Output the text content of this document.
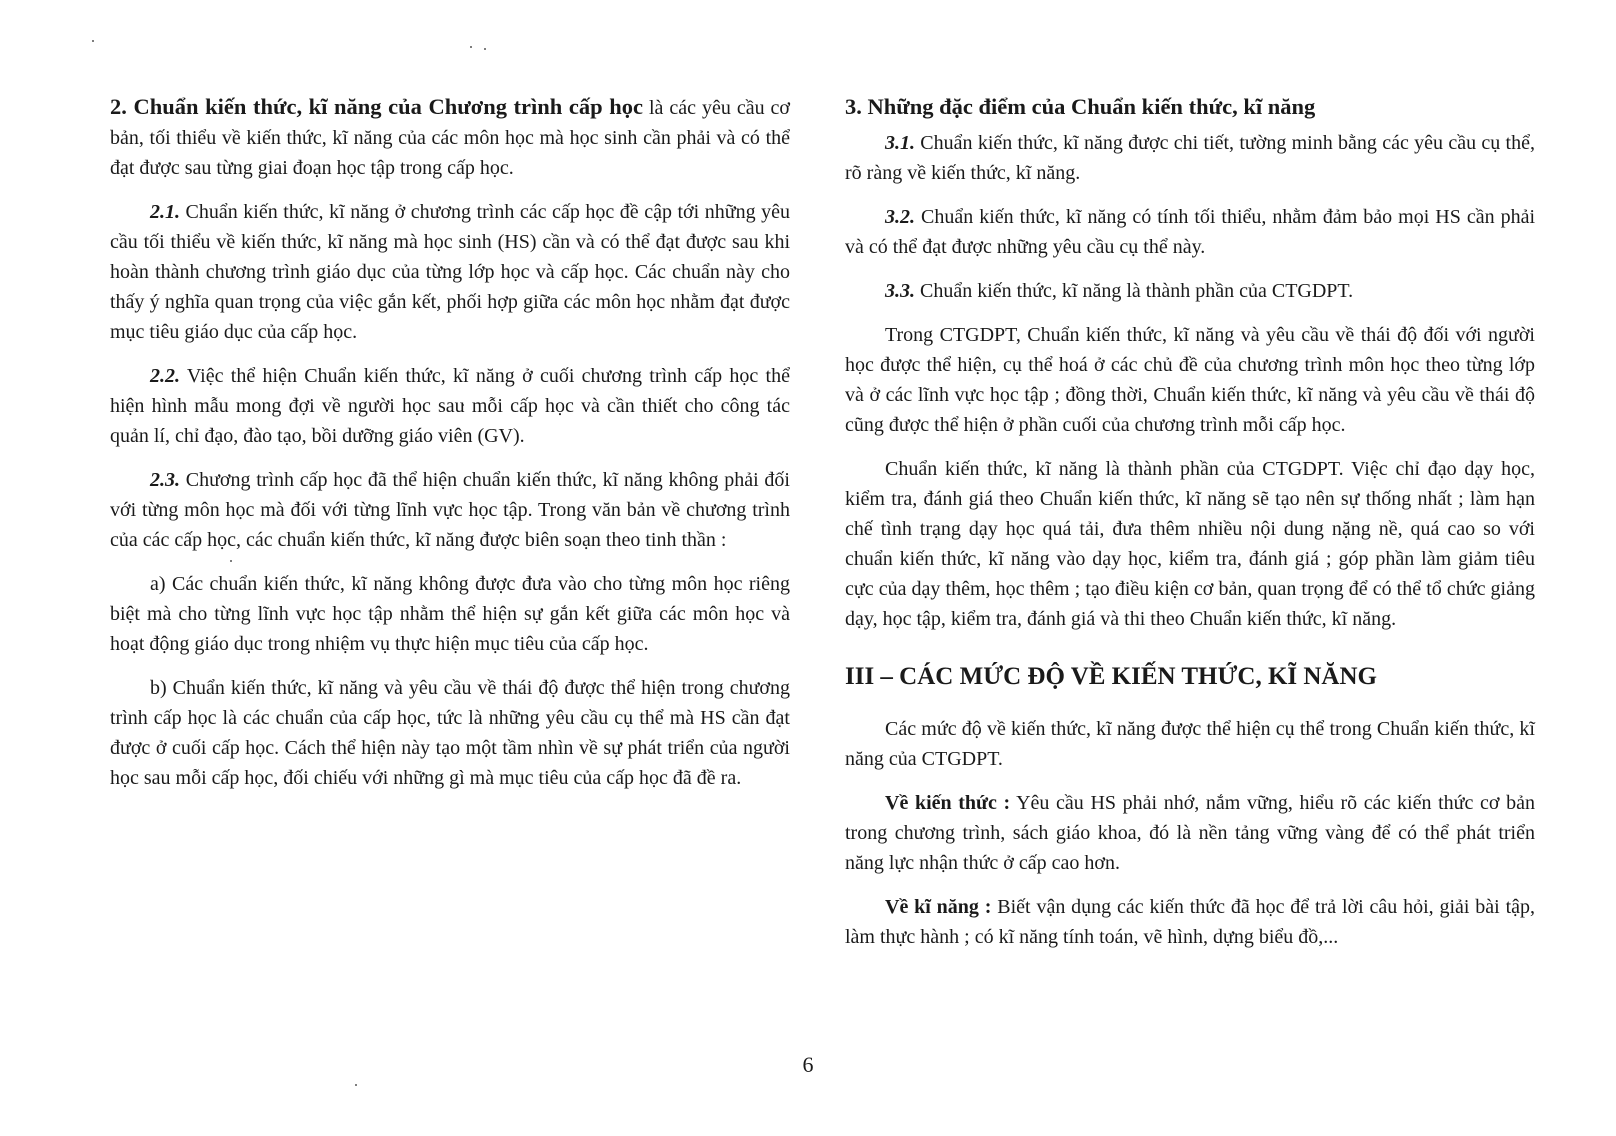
2. Chuẩn kiến thức, kĩ năng của Chương trình cấp học là các yêu cầu cơ bản, tối thiểu về kiến thức, kĩ năng của các môn học mà học sinh cần phải và có thể đạt được sau từng giai đoạn học tập trong cấp học.

2.1. Chuẩn kiến thức, kĩ năng ở chương trình các cấp học đề cập tới những yêu cầu tối thiểu về kiến thức, kĩ năng mà học sinh (HS) cần và có thể đạt được sau khi hoàn thành chương trình giáo dục của từng lớp học và cấp học. Các chuẩn này cho thấy ý nghĩa quan trọng của việc gắn kết, phối hợp giữa các môn học nhằm đạt được mục tiêu giáo dục của cấp học.

2.2. Việc thể hiện Chuẩn kiến thức, kĩ năng ở cuối chương trình cấp học thể hiện hình mẫu mong đợi về người học sau mỗi cấp học và cần thiết cho công tác quản lí, chỉ đạo, đào tạo, bồi dưỡng giáo viên (GV).

2.3. Chương trình cấp học đã thể hiện chuẩn kiến thức, kĩ năng không phải đối với từng môn học mà đối với từng lĩnh vực học tập. Trong văn bản về chương trình của các cấp học, các chuẩn kiến thức, kĩ năng được biên soạn theo tinh thần :

a) Các chuẩn kiến thức, kĩ năng không được đưa vào cho từng môn học riêng biệt mà cho từng lĩnh vực học tập nhằm thể hiện sự gắn kết giữa các môn học và hoạt động giáo dục trong nhiệm vụ thực hiện mục tiêu của cấp học.

b) Chuẩn kiến thức, kĩ năng và yêu cầu về thái độ được thể hiện trong chương trình cấp học là các chuẩn của cấp học, tức là những yêu cầu cụ thể mà HS cần đạt được ở cuối cấp học. Cách thể hiện này tạo một tầm nhìn về sự phát triển của người học sau mỗi cấp học, đối chiếu với những gì mà mục tiêu của cấp học đã đề ra.

3. Những đặc điểm của Chuẩn kiến thức, kĩ năng

3.1. Chuẩn kiến thức, kĩ năng được chi tiết, tường minh bằng các yêu cầu cụ thể, rõ ràng về kiến thức, kĩ năng.

3.2. Chuẩn kiến thức, kĩ năng có tính tối thiểu, nhằm đảm bảo mọi HS cần phải và có thể đạt được những yêu cầu cụ thể này.

3.3. Chuẩn kiến thức, kĩ năng là thành phần của CTGDPT.

Trong CTGDPT, Chuẩn kiến thức, kĩ năng và yêu cầu về thái độ đối với người học được thể hiện, cụ thể hoá ở các chủ đề của chương trình môn học theo từng lớp và ở các lĩnh vực học tập ; đồng thời, Chuẩn kiến thức, kĩ năng và yêu cầu về thái độ cũng được thể hiện ở phần cuối của chương trình mỗi cấp học.

Chuẩn kiến thức, kĩ năng là thành phần của CTGDPT. Việc chỉ đạo dạy học, kiểm tra, đánh giá theo Chuẩn kiến thức, kĩ năng sẽ tạo nên sự thống nhất ; làm hạn chế tình trạng dạy học quá tải, đưa thêm nhiều nội dung nặng nề, quá cao so với chuẩn kiến thức, kĩ năng vào dạy học, kiểm tra, đánh giá ; góp phần làm giảm tiêu cực của dạy thêm, học thêm ; tạo điều kiện cơ bản, quan trọng để có thể tổ chức giảng dạy, học tập, kiểm tra, đánh giá và thi theo Chuẩn kiến thức, kĩ năng.

III – CÁC MỨC ĐỘ VỀ KIẾN THỨC, KĨ NĂNG

Các mức độ về kiến thức, kĩ năng được thể hiện cụ thể trong Chuẩn kiến thức, kĩ năng của CTGDPT.

Về kiến thức : Yêu cầu HS phải nhớ, nắm vững, hiểu rõ các kiến thức cơ bản trong chương trình, sách giáo khoa, đó là nền tảng vững vàng để có thể phát triển năng lực nhận thức ở cấp cao hơn.

Về kĩ năng : Biết vận dụng các kiến thức đã học để trả lời câu hỏi, giải bài tập, làm thực hành ; có kĩ năng tính toán, vẽ hình, dựng biểu đồ,...

6
